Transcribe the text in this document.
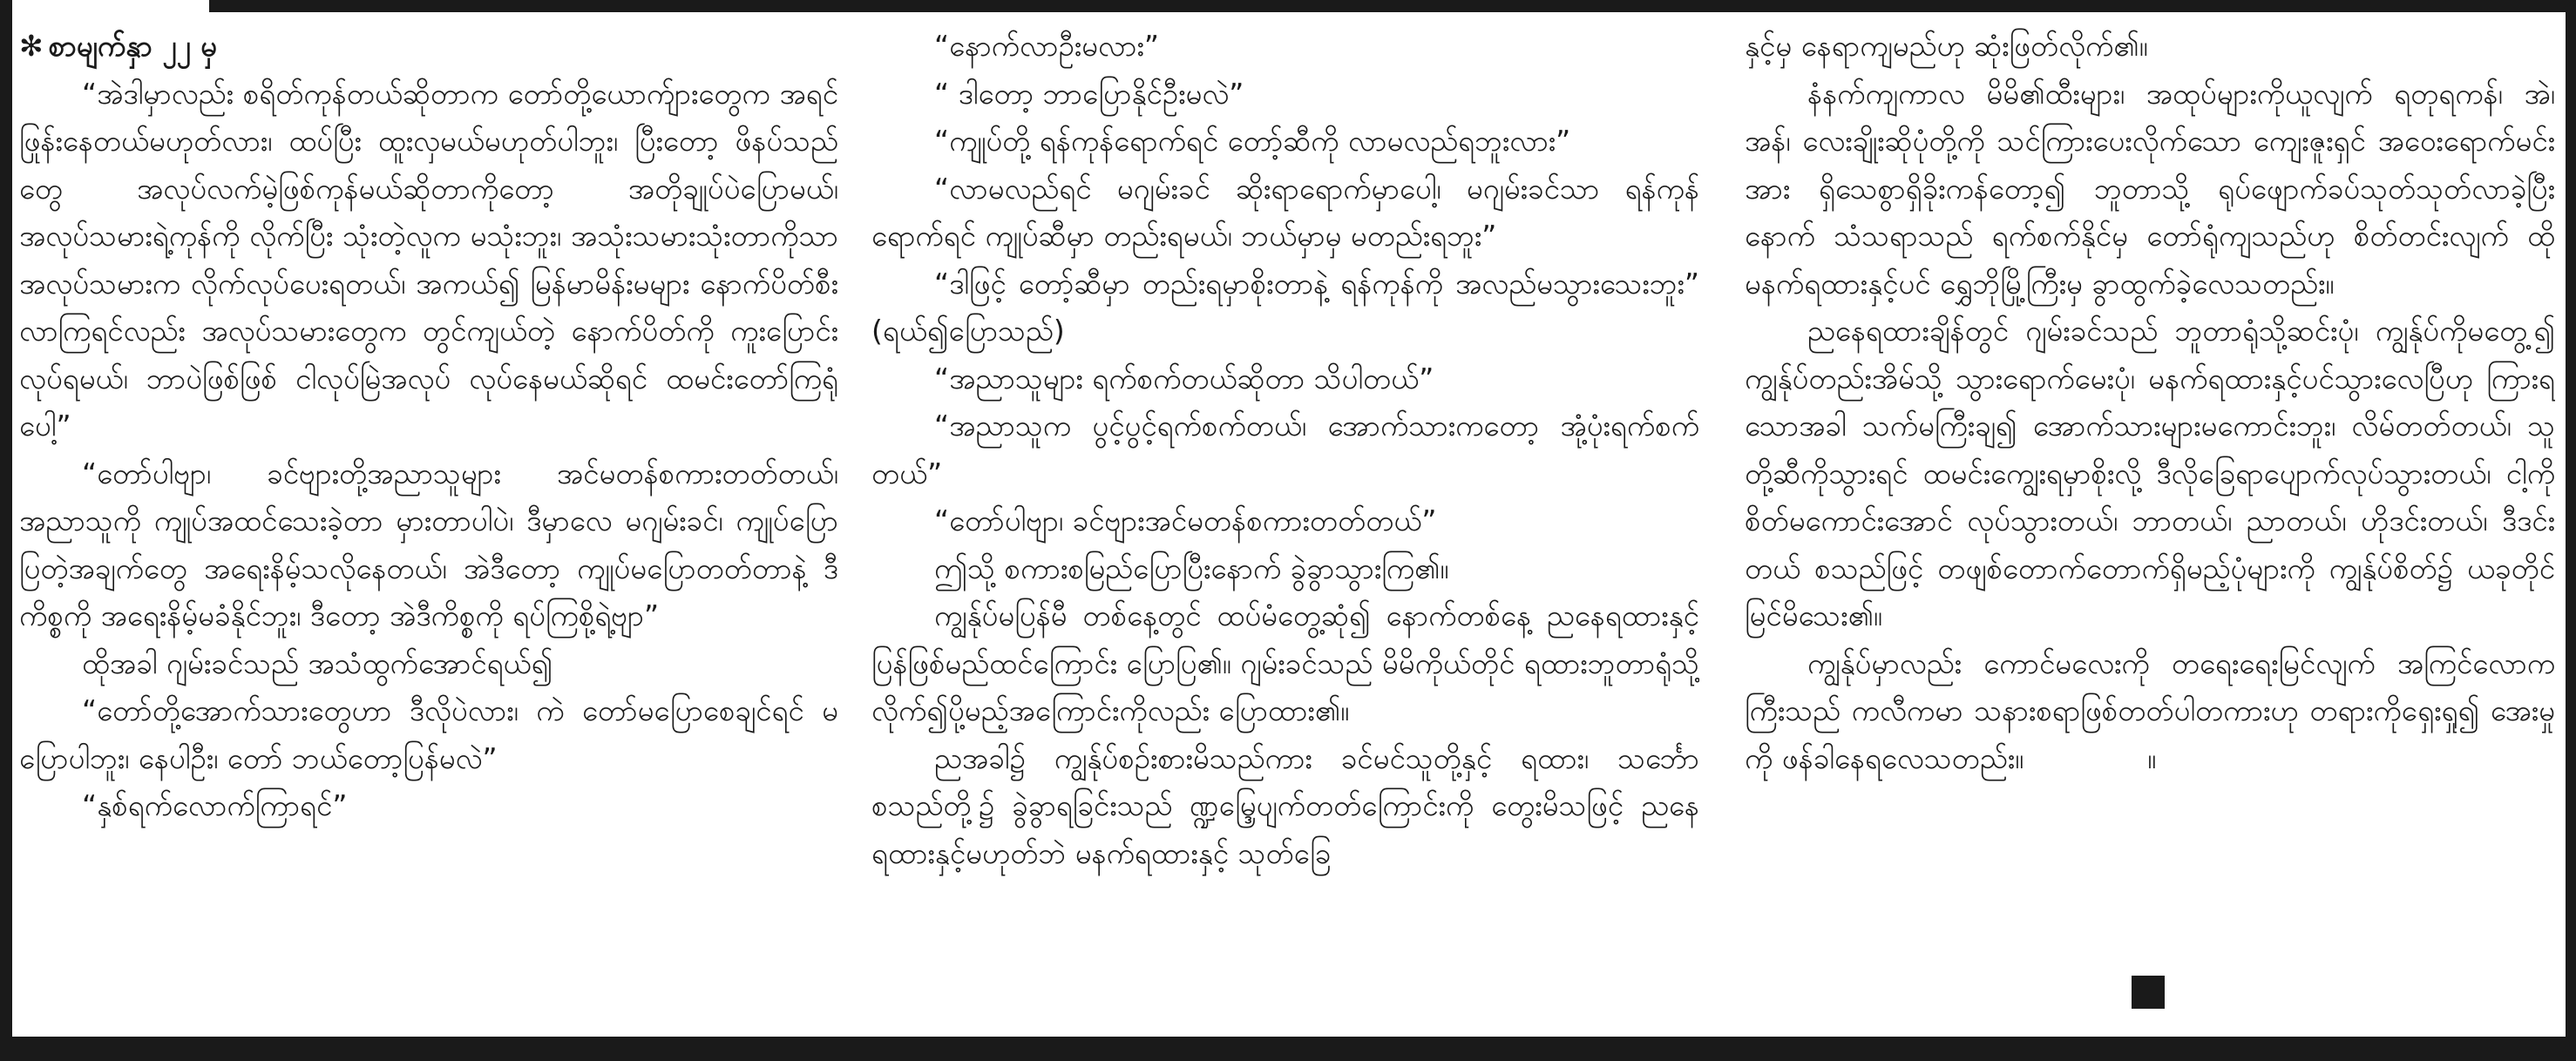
✻ စာမျက်နှာ ၂၂ မှ

“အဲဒါမှာလည်း စရိတ်ကုန်တယ်ဆိုတာက တော်တို့ယောက်ျားတွေက အရင်ဖြုန်းနေတယ်မဟုတ်လား၊ ထပ်ပြီး ထူးလှမယ်မဟုတ်ပါဘူး၊ ပြီးတော့ ဖိနပ်သည်တွေ အလုပ်လက်မဲ့ဖြစ်ကုန်မယ်ဆိုတာကိုတော့ အတိုချုပ်ပဲပြောမယ်၊ အလုပ်သမားရဲ့ကုန်ကို လိုက်ပြီး သုံးတဲ့လူက မသုံးဘူး၊ အသုံးသမားသုံးတာကိုသာ အလုပ်သမားက လိုက်လုပ်ပေးရတယ်၊ အကယ်၍ မြန်မာမိန်းမများ နောက်ပိတ်စီးလာကြရင်လည်း အလုပ်သမားတွေက တွင်ကျယ်တဲ့ နောက်ပိတ်ကို ကူးပြောင်းလုပ်ရမယ်၊ ဘာပဲဖြစ်ဖြစ် ငါလုပ်မြဲအလုပ် လုပ်နေမယ်ဆိုရင် ထမင်းတော်ကြရုံပေါ့”

“တော်ပါဗျာ၊ ခင်ဗျားတို့အညာသူများ အင်မတန်စကားတတ်တယ်၊ အညာသူကို ကျုပ်အထင်သေးခဲ့တာ မှားတာပါပဲ၊ ဒီမှာလေ မဂျမ်းခင်၊ ကျုပ်ပြောပြတဲ့အချက်တွေ အရေးနိမ့်သလိုနေတယ်၊ အဲဒီတော့ ကျုပ်မပြောတတ်တာနဲ့ ဒီကိစ္စကို အရေးနိမ့်မခံနိုင်ဘူး၊ ဒီတော့ အဲဒီကိစ္စကို ရပ်ကြစို့ရဲ့ဗျာ”

ထိုအခါ ဂျမ်းခင်သည် အသံထွက်အောင်ရယ်၍

“တော်တို့အောက်သားတွေဟာ ဒီလိုပဲလား၊ ကဲ တော်မပြောစေချင်ရင် မပြောပါဘူး၊ နေပါဦး၊ တော် ဘယ်တော့ပြန်မလဲ”

“နှစ်ရက်လောက်ကြာရင်”

“နောက်လာဦးမလား”

“ ဒါတော့ ဘာပြောနိုင်ဦးမလဲ”

“ကျုပ်တို့ ရန်ကုန်ရောက်ရင် တော့်ဆီကို လာမလည်ရဘူးလား”

“လာမလည်ရင် မဂျမ်းခင် ဆိုးရာရောက်မှာပေါ့၊ မဂျမ်းခင်သာ ရန်ကုန်ရောက်ရင် ကျုပ်ဆီမှာ တည်းရမယ်၊ ဘယ်မှာမှ မတည်းရဘူး”

“ဒါဖြင့် တော့်ဆီမှာ တည်းရမှာစိုးတာနဲ့ ရန်ကုန်ကို အလည်မသွားသေးဘူး” (ရယ်၍ပြောသည်)

“အညာသူများ ရက်စက်တယ်ဆိုတာ သိပါတယ်”

“အညာသူက ပွင့်ပွင့်ရက်စက်တယ်၊ အောက်သားကတော့ အုံ့ပုံးရက်စက်တယ်”

“တော်ပါဗျာ၊ ခင်ဗျားအင်မတန်စကားတတ်တယ်”

ဤသို့ စကားစမြည်ပြောပြီးနောက် ခွဲခွာသွားကြ၏။

ကျွန်ုပ်မပြန်မီ တစ်နေ့တွင် ထပ်မံတွေ့ဆုံ၍ နောက်တစ်နေ့ ညနေရထားနှင့် ပြန်ဖြစ်မည်ထင်ကြောင်း ပြောပြ၏။ ဂျမ်းခင်သည် မိမိကိုယ်တိုင် ရထားဘူတာရုံသို့ လိုက်၍ပို့မည့်အကြောင်းကိုလည်း ပြောထား၏။

ညအခါ၌ ကျွန်ုပ်စဉ်းစားမိသည်ကား ခင်မင်သူတို့နှင့် ရထား၊ သင်္ဘော စသည်တို့၌ ခွဲခွာရခြင်းသည် ဏ္ဍမ္ဒြေပျက်တတ်ကြောင်းကို တွေးမိသဖြင့် ညနေရထားနှင့်မဟုတ်ဘဲ မနက်ရထားနှင့် သုတ်ခြေ

နှင့်မှ နေရာကျမည်ဟု ဆုံးဖြတ်လိုက်၏။

နံနက်ကျကာလ မိမိ၏ထီးများ၊ အထုပ်များကိုယူလျက် ရတုရကန်၊ အဲ၊ အန်၊ လေးချိုးဆိုပုံတို့ကို သင်ကြားပေးလိုက်သော ကျေးဇူးရှင် အဝေးရောက်မင်းအား ရှိသေစွာရှိခိုးကန်တော့၍ ဘူတာသို့ ရုပ်ဖျောက်ခပ်သုတ်သုတ်လာခဲ့ပြီးနောက် သံသရာသည် ရက်စက်နိုင်မှ တော်ရုံကျသည်ဟု စိတ်တင်းလျက် ထိုမနက်ရထားနှင့်ပင် ရွှေဘိုမြို့ကြီးမှ ခွာထွက်ခဲ့လေသတည်း။

ညနေရထားချိန်တွင် ဂျမ်းခင်သည် ဘူတာရုံသို့ဆင်းပုံ၊ ကျွန်ုပ်ကိုမတွေ့၍ ကျွန်ုပ်တည်းအိမ်သို့ သွားရောက်မေးပုံ၊ မနက်ရထားနှင့်ပင်သွားလေပြီဟု ကြားရသောအခါ သက်မကြီးချ၍ အောက်သားများမကောင်းဘူး၊ လိမ်တတ်တယ်၊ သူတို့ဆီကိုသွားရင် ထမင်းကျွေးရမှာစိုးလို့ ဒီလိုခြေရာပျောက်လုပ်သွားတယ်၊ ငါ့ကိုစိတ်မကောင်းအောင် လုပ်သွားတယ်၊ ဘာတယ်၊ ညာတယ်၊ ဟိုဒင်းတယ်၊ ဒီဒင်းတယ် စသည်ဖြင့် တဖျစ်တောက်တောက်ရှိမည့်ပုံများကို ကျွန်ုပ်စိတ်၌ ယခုတိုင်မြင်မိသေး၏။

ကျွန်ုပ်မှာလည်း ကောင်မလေးကို တရေးရေးမြင်လျက် အကြင်လောကကြီးသည် ကလီကမာ သနားစရာဖြစ်တတ်ပါတကားဟု တရားကိုရှေးရှု၍ အေးမှုကို ဖန်ခါနေရလေသတည်း။	။
